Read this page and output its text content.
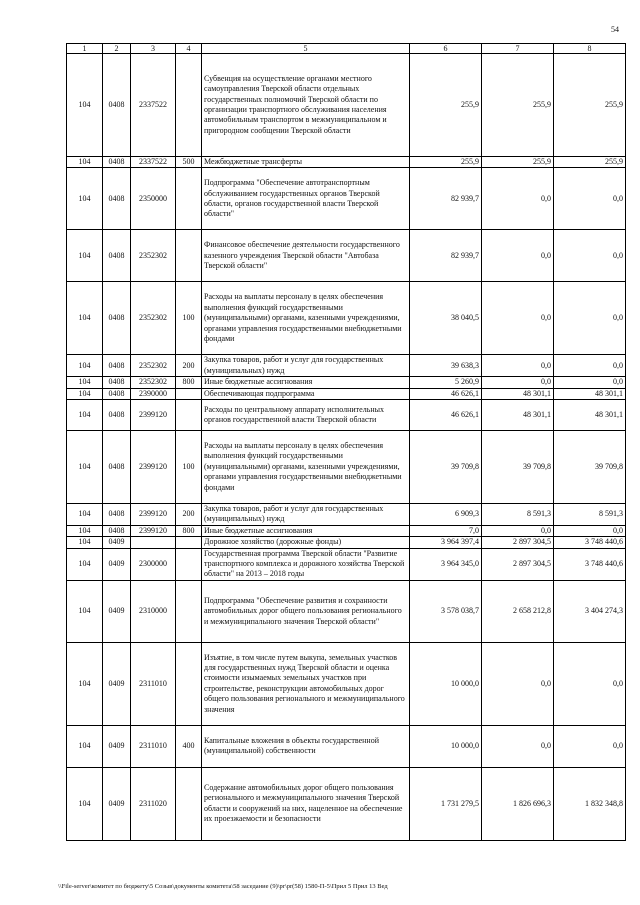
54
1	2	3	4	5	6	7	8
104	0408	2337522		Субвенция на осуществление органами местного самоуправления Тверской области отдельных государственных полномочий Тверской области по организации транспортного обслуживания населения автомобильным транспортом в межмуниципальном и пригородном сообщении Тверской области	255,9	255,9	255,9
104	0408	2337522	500	Межбюджетные трансферты	255,9	255,9	255,9
104	0408	2350000		Подпрограмма "Обеспечение автотранспортным обслуживанием государственных органов Тверской области, органов государственной власти Тверской области"	82 939,7	0,0	0,0
104	0408	2352302		Финансовое обеспечение деятельности государственного казенного учреждения Тверской области "Автобаза Тверской области"	82 939,7	0,0	0,0
104	0408	2352302	100	Расходы на выплаты персоналу в целях обеспечения выполнения функций государственными (муниципальными) органами, казенными учреждениями, органами управления государственными внебюджетными фондами	38 040,5	0,0	0,0
104	0408	2352302	200	Закупка товаров, работ и услуг для государственных (муниципальных) нужд	39 638,3	0,0	0,0
104	0408	2352302	800	Иные бюджетные ассигнования	5 260,9	0,0	0,0
104	0408	2390000		Обеспечивающая подпрограмма	46 626,1	48 301,1	48 301,1
104	0408	2399120		Расходы по центральному аппарату исполнительных органов государственной власти Тверской области	46 626,1	48 301,1	48 301,1
104	0408	2399120	100	Расходы на выплаты персоналу в целях обеспечения выполнения функций государственными (муниципальными) органами, казенными учреждениями, органами управления государственными внебюджетными фондами	39 709,8	39 709,8	39 709,8
104	0408	2399120	200	Закупка товаров, работ и услуг для государственных (муниципальных) нужд	6 909,3	8 591,3	8 591,3
104	0408	2399120	800	Иные бюджетные ассигнования	7,0	0,0	0,0
104	0409			Дорожное хозяйство (дорожные фонды)	3 964 397,4	2 897 304,5	3 748 440,6
104	0409	2300000		Государственная программа Тверской области "Развитие транспортного комплекса и дорожного хозяйства Тверской области" на 2013 – 2018 годы	3 964 345,0	2 897 304,5	3 748 440,6
104	0409	2310000		Подпрограмма "Обеспечение развития и сохранности автомобильных дорог общего пользования регионального и межмуниципального значения Тверской области"	3 578 038,7	2 658 212,8	3 404 274,3
104	0409	2311010		Изъятие, в том числе путем выкупа, земельных участков для государственных нужд Тверской области и оценка стоимости изымаемых земельных участков при строительстве, реконструкции автомобильных дорог общего пользования регионального и межмуниципального значения	10 000,0	0,0	0,0
104	0409	2311010	400	Капитальные вложения в объекты государственной (муниципальной) собственности	10 000,0	0,0	0,0
104	0409	2311020		Содержание автомобильных дорог общего пользования регионального и межмуниципального значения Тверской области и сооружений на них, нацеленное на обеспечение их проезжаемости и безопасности	1 731 279,5	1 826 696,3	1 832 348,8
\\File-server\комитет по бюджету\5 Созыв\документы комитета\58 заседание (9)\pr\pr(58) 1580-П-5\Прил 5 Прил 13 Вед
